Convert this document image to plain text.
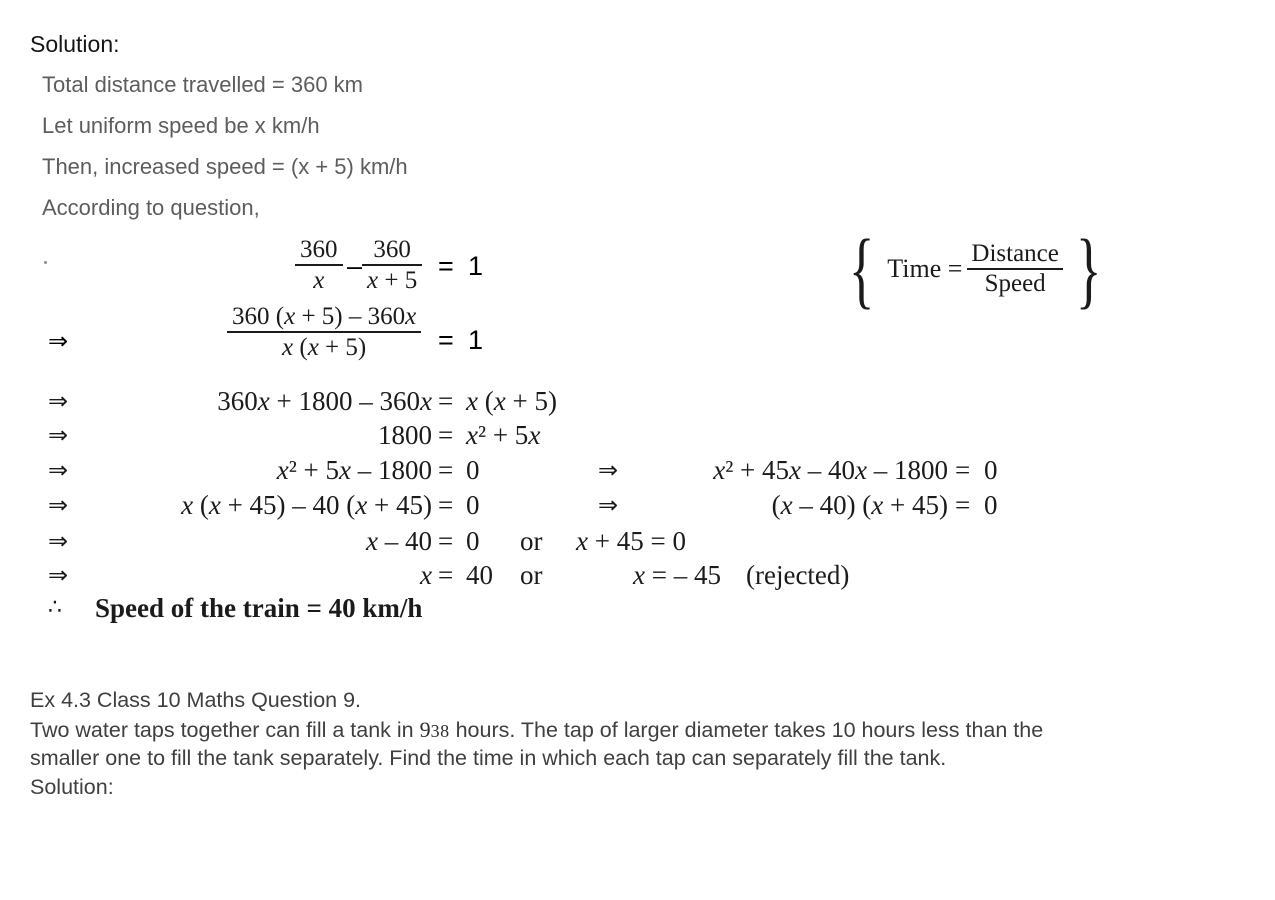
Solution:
Total distance travelled = 360 km
Let uniform speed be x km/h
Then, increased speed = (x + 5) km/h
According to question,
360
x –
360
x + 5 = 1	{ Time = $\frac{\text{Distance}}{\text{Speed}}$ }
⇒
360 (x + 5) – 360x
x (x + 5)	= 1
⇒	360x + 1800 – 360x = x (x + 5)
⇒	1800 = x² + 5x
⇒	x² + 5x – 1800 = 0	⇒	x² + 45x – 40x – 1800 = 0
⇒	x (x + 45) – 40 (x + 45) = 0	⇒	(x – 40) (x + 45) = 0
⇒	x – 40 = 0 or x + 45 = 0
⇒	x = 40 or	x = – 45 (rejected)
∴ Speed of the train = 40 km/h
Ex 4.3 Class 10 Maths Question 9.
Two water taps together can fill a tank in 938 hours. The tap of larger diameter takes 10 hours less than the
smaller one to fill the tank separately. Find the time in which each tap can separately fill the tank.
Solution:
